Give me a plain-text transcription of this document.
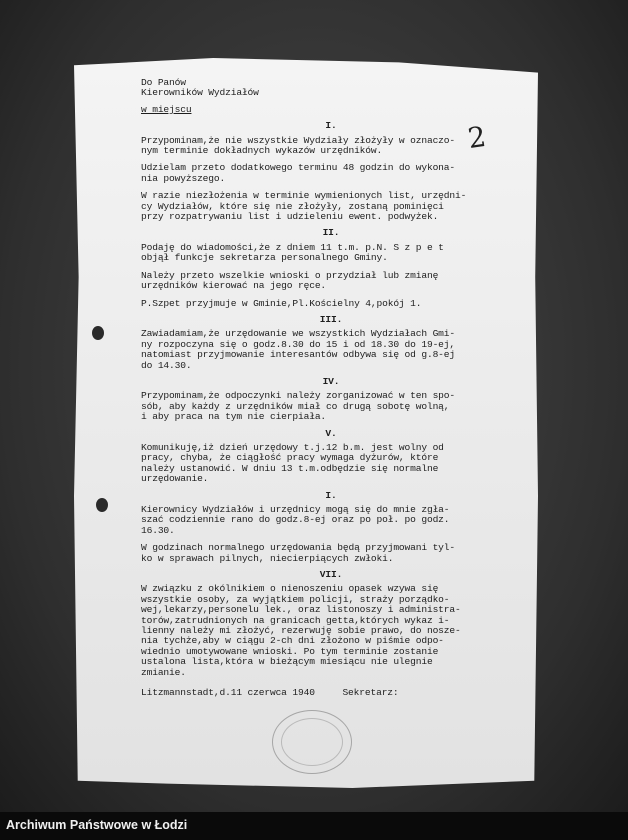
2
Do Panów
Kierowników Wydziałów
w miejscu
I.
Przypominam,że nie wszystkie Wydziały złożyły w oznaczo-
nym terminie dokładnych wykazów urzędników.
Udzielam przeto dodatkowego terminu 48 godzin do wykona-
nia powyższego.
W razie niezłożenia w terminie wymienionych list, urzędni-
cy Wydziałów, które się nie złożyły, zostaną pominięci
przy rozpatrywaniu list i udzieleniu ewent. podwyżek.
II.
Podaję do wiadomości,że z dniem 11 t.m. p.N. S z p e t
objął funkcje sekretarza personalnego Gminy.
Należy przeto wszelkie wnioski o przydział lub zmianę
urzędników kierować na jego ręce.
P.Szpet przyjmuje w Gminie,Pl.Kościelny 4,pokój 1.
III.
Zawiadamiam,że urzędowanie we wszystkich Wydziałach Gmi-
ny rozpoczyna się o godz.8.30 do 15 i od 18.30 do 19-ej,
natomiast przyjmowanie interesantów odbywa się od g.8-ej
do 14.30.
IV.
Przypominam,że odpoczynki należy zorganizować w ten spo-
sób, aby każdy z urzędników miał co drugą sobotę wolną,
i aby praca na tym nie cierpiała.
V.
Komunikuję,iż dzień urzędowy t.j.12 b.m. jest wolny od
pracy, chyba, że ciągłość pracy wymaga dyżurów, które
należy ustanowić. W dniu 13 t.m.odbędzie się normalne
urzędowanie.
I.
Kierownicy Wydziałów i urzędnicy mogą się do mnie zgła-
szać codziennie rano do godz.8-ej oraz po poł. po godz.
16.30.
W godzinach normalnego urzędowania będą przyjmowani tyl-
ko w sprawach pilnych, niecierpiących zwłoki.
VII.
W związku z okólnikiem o nienoszeniu opasek wzywa się
wszystkie osoby, za wyjątkiem policji, straży porządko-
wej,lekarzy,personelu lek., oraz listonoszy i administra-
torów,zatrudnionych na granicach getta,których wykaz i-
lienny należy mi złożyć, rezerwuję sobie prawo, do nosze-
nia tychże,aby w ciągu 2-ch dni złożono w piśmie odpo-
wiednio umotywowane wnioski. Po tym terminie zostanie
ustalona lista,która w bieżącym miesiącu nie ulegnie
zmianie.
Litzmannstadt,d.11 czerwca 1940	Sekretarz:
Archiwum Państwowe w Łodzi
